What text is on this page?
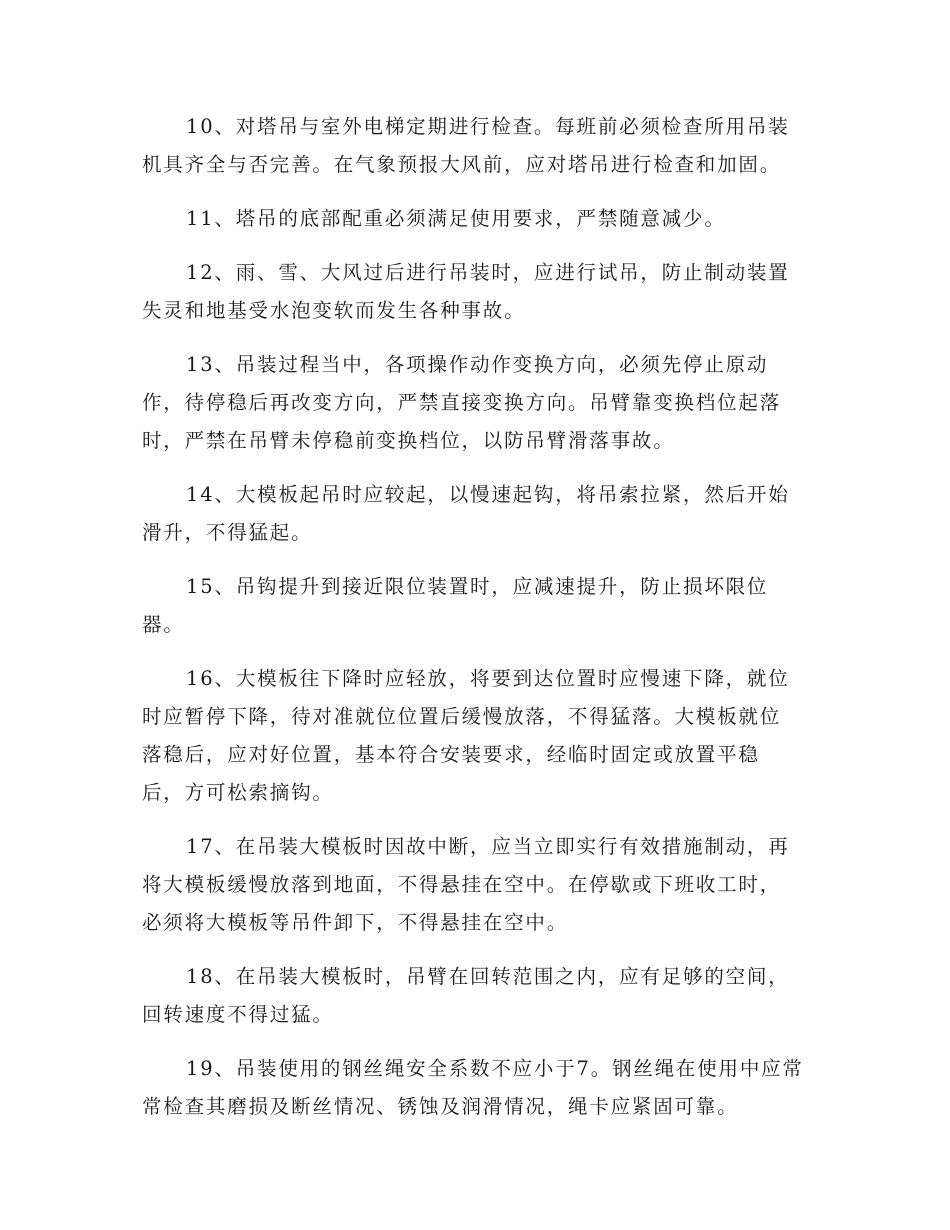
10、对塔吊与室外电梯定期进行检查。每班前必须检查所用吊装
机具齐全与否完善。在气象预报大风前，应对塔吊进行检查和加固。

11、塔吊的底部配重必须满足使用要求，严禁随意减少。

12、雨、雪、大风过后进行吊装时，应进行试吊，防止制动装置
失灵和地基受水泡变软而发生各种事故。

13、吊装过程当中，各项操作动作变换方向，必须先停止原动
作，待停稳后再改变方向，严禁直接变换方向。吊臂靠变换档位起落
时，严禁在吊臂未停稳前变换档位，以防吊臂滑落事故。

14、大模板起吊时应较起，以慢速起钩，将吊索拉紧，然后开始
滑升，不得猛起。

15、吊钩提升到接近限位装置时，应减速提升，防止损坏限位
器。

16、大模板往下降时应轻放，将要到达位置时应慢速下降，就位
时应暂停下降，待对准就位位置后缓慢放落，不得猛落。大模板就位
落稳后，应对好位置，基本符合安装要求，经临时固定或放置平稳
后，方可松索摘钩。

17、在吊装大模板时因故中断，应当立即实行有效措施制动，再
将大模板缓慢放落到地面，不得悬挂在空中。在停歇或下班收工时，
必须将大模板等吊件卸下，不得悬挂在空中。

18、在吊装大模板时，吊臂在回转范围之内，应有足够的空间，
回转速度不得过猛。

19、吊装使用的钢丝绳安全系数不应小于7。钢丝绳在使用中应常
常检查其磨损及断丝情况、锈蚀及润滑情况，绳卡应紧固可靠。
